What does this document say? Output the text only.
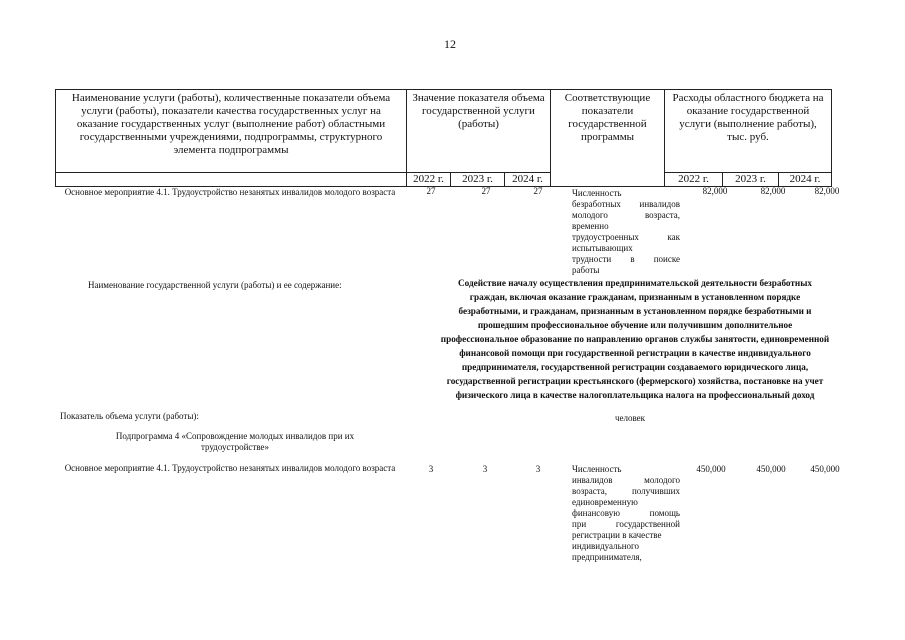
12
Наименование услуги (работы), количественные показатели объема услуги (работы), показатели качества государственных услуг на оказание государственных услуг (выполнение работ) областными государственными учреждениями, подпрограммы, структурного элемента подпрограммы	Значение показателя объема государственной услуги (работы)			Соответствующие показатели государственной программы	Расходы областного бюджета на оказание государственной услуги (выполнение работы), тыс. руб.		
	2022 г.	2023 г.	2024 г.		2022 г.	2023 г.	2024 г.
Основное мероприятие 4.1. Трудоустройство незанятых инвалидов молодого возраста	27	27	27	Численность
безработных инвалидов
молодого возраста,
временно
трудоустроенных как
испытывающих
трудности в поиске
работы
82,000	82,000	82,000
Наименование государственной услуги (работы) и ее содержание:	Содействие началу осуществления предпринимательской деятельности безработных
граждан, включая оказание гражданам, признанным в установленном порядке
безработными, и гражданам, признанным в установленном порядке безработными и
прошедшим профессиональное обучение или получившим дополнительное
профессиональное образование по направлению органов службы занятости, единовременной
финансовой помощи при государственной регистрации в качестве индивидуального
предпринимателя, государственной регистрации создаваемого юридического лица,
государственной регистрации крестьянского (фермерского) хозяйства, постановке на учет
физического лица в качестве налогоплательщика налога на профессиональный доход
Показатель объема услуги (работы):	человек
Подпрограмма 4 «Сопровождение молодых инвалидов при их
трудоустройстве»
Основное мероприятие 4.1. Трудоустройство незанятых инвалидов молодого возраста	3	3	3	Численность
инвалидов молодого
возраста, получивших
единовременную
финансовую помощь
при государственной
регистрации в качестве
индивидуального
предпринимателя,
450,000	450,000	450,000
